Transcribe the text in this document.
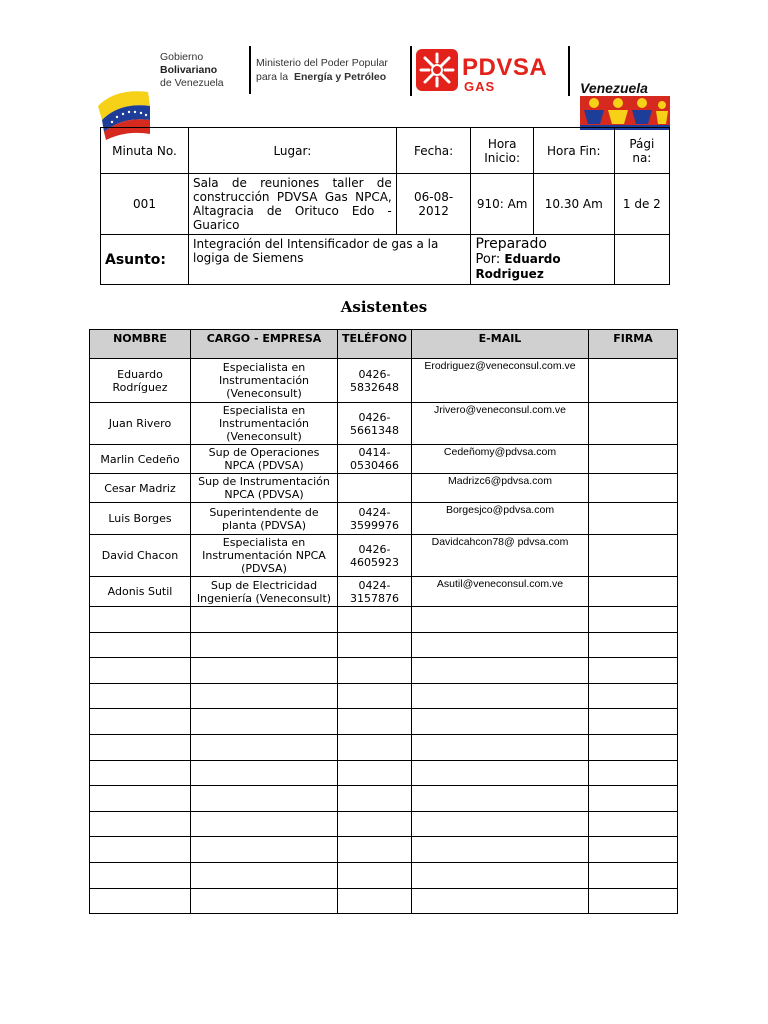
Gobierno
Bolivariano
de Venezuela
Ministerio del Poder Popular
para la Energía y Petróleo	PDVSA
GAS	Venezuela
Minuta No.	Lugar:	Fecha:	Hora Inicio:	Hora Fin:	Pági na:
001	Sala de reuniones taller de construcción PDVSA Gas NPCA, Altagracia de Orituco Edo - Guarico	06-08-2012	910: Am	10.30 Am	1 de 2
Asunto:	Integración del Intensificador de gas a la logiga de Siemens		Preparado
Por: Eduardo Rodriguez		

Asistentes
NOMBRE	CARGO - EMPRESA	TELÉFONO	E-MAIL	FIRMA
Eduardo Rodríguez	Especialista en Instrumentación (Veneconsult)	0426-5832648	Erodriguez@veneconsul.com.ve	
Juan Rivero	Especialista en Instrumentación (Veneconsult)	0426-5661348	Jrivero@veneconsul.com.ve	
Marlin Cedeño	Sup de Operaciones NPCA (PDVSA)	0414-0530466	Cedeñomy@pdvsa.com	
Cesar Madriz	Sup de Instrumentación NPCA (PDVSA)		Madrizc6@pdvsa.com	
Luis Borges	Superintendente de planta (PDVSA)	0424-3599976	Borgesjco@pdvsa.com	
David Chacon	Especialista en Instrumentación NPCA (PDVSA)	0426-4605923	Davidcahcon78@ pdvsa.com	
Adonis Sutil	Sup de Electricidad Ingeniería (Veneconsult)	0424-3157876	Asutil@veneconsul.com.ve	
